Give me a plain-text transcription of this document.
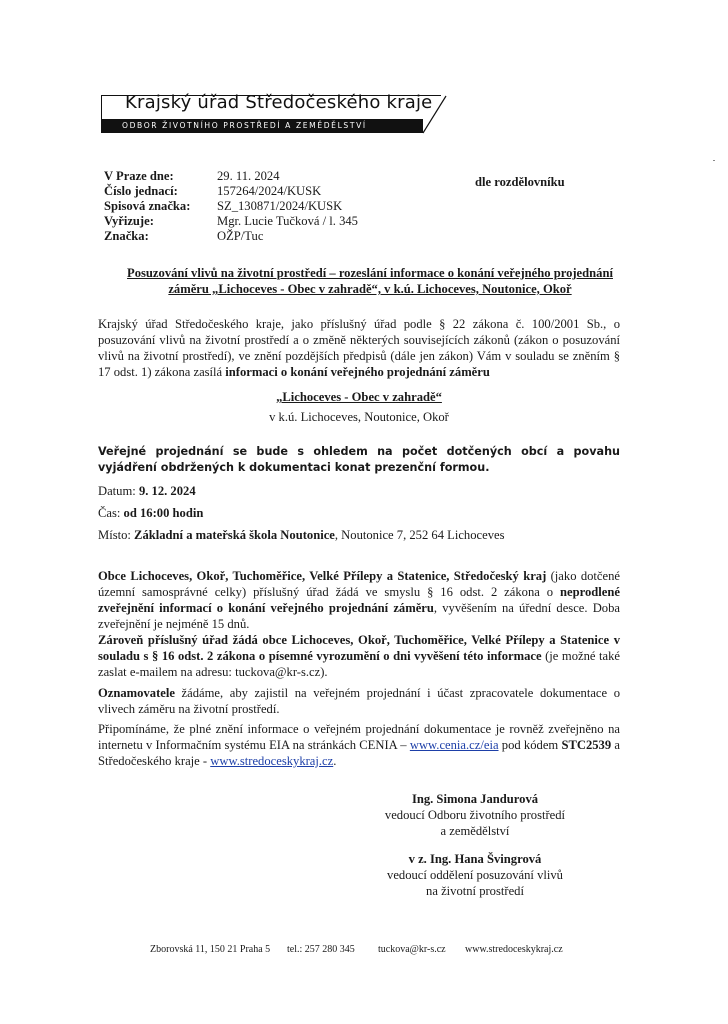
Krajský úřad Středočeského kraje
ODBOR ŽIVOTNÍHO PROSTŘEDÍ A ZEMĚDĚLSTVÍ
V Praze dne:	29. 11. 2024
Číslo jednací:	157264/2024/KUSK
Spisová značka: SZ_130871/2024/KUSK
Vyřizuje:	Mgr. Lucie Tučková / l. 345
Značka:	OŽP/Tuc
dle rozdělovníku
Posuzování vlivů na životní prostředí – rozeslání informace o konání veřejného projednání
záměru „Lichoceves - Obec v zahradě“, v k.ú. Lichoceves, Noutonice, Okoř
Krajský úřad Středočeského kraje, jako příslušný úřad podle § 22 zákona č. 100/2001 Sb., o posuzování vlivů na životní prostředí a o změně některých souvisejících zákonů (zákon o posuzování vlivů na životní prostředí), ve znění pozdějších předpisů (dále jen zákon) Vám v souladu se zněním § 17 odst. 1) zákona zasílá informaci o konání veřejného projednání záměru
„Lichoceves - Obec v zahradě“
v k.ú. Lichoceves, Noutonice, Okoř
Veřejné projednání se bude s ohledem na počet dotčených obcí a povahu vyjádření obdržených k dokumentaci konat prezenční formou.
Datum: 9. 12. 2024
Čas: od 16:00 hodin
Místo: Základní a mateřská škola Noutonice, Noutonice 7, 252 64 Lichoceves
Obce Lichoceves, Okoř, Tuchoměřice, Velké Přílepy a Statenice, Středočeský kraj (jako dotčené územní samosprávné celky) příslušný úřad žádá ve smyslu § 16 odst. 2 zákona o neprodlené zveřejnění informací o konání veřejného projednání záměru, vyvěšením na úřední desce. Doba zveřejnění je nejméně 15 dnů.
Zároveň příslušný úřad žádá obce Lichoceves, Okoř, Tuchoměřice, Velké Přílepy a Statenice v souladu s § 16 odst. 2 zákona o písemné vyrozumění o dni vyvěšení této informace (je možné také zaslat e-mailem na adresu: tuckova@kr-s.cz).
Oznamovatele žádáme, aby zajistil na veřejném projednání i účast zpracovatele dokumentace o vlivech záměru na životní prostředí.
Připomínáme, že plné znění informace o veřejném projednání dokumentace je rovněž zveřejněno na internetu v Informačním systému EIA na stránkách CENIA – www.cenia.cz/eia pod kódem STC2539 a Středočeského kraje - www.stredoceskykraj.cz.
Ing. Simona Jandurová
vedoucí Odboru životního prostředí
a zemědělství
v z. Ing. Hana Švingrová
vedoucí oddělení posuzování vlivů
na životní prostředí
Zborovská 11, 150 21 Praha 5 tel.: 257 280 345 tuckova@kr-s.cz www.stredoceskykraj.cz
